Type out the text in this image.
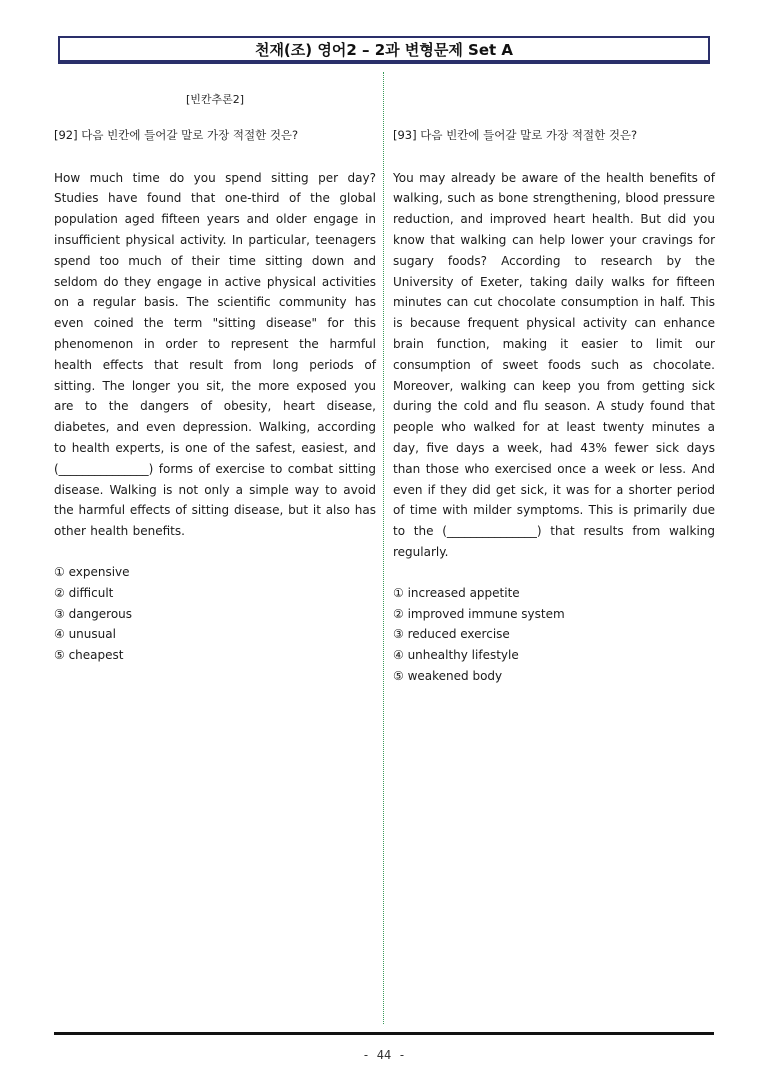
천재(조) 영어2 – 2과 변형문제 Set A
[빈칸추론2]
[92] 다음 빈칸에 들어갈 말로 가장 적절한 것은?
How much time do you spend sitting per day? Studies have found that one-third of the global population aged fifteen years and older engage in insufficient physical activity. In particular, teenagers spend too much of their time sitting down and seldom do they engage in active physical activities on a regular basis. The scientific community has even coined the term "sitting disease" for this phenomenon in order to represent the harmful health effects that result from long periods of sitting. The longer you sit, the more exposed you are to the dangers of obesity, heart disease, diabetes, and even depression. Walking, according to health experts, is one of the safest, easiest, and (_______________) forms of exercise to combat sitting disease. Walking is not only a simple way to avoid the harmful effects of sitting disease, but it also has other health benefits.
① expensive
② difficult
③ dangerous
④ unusual
⑤ cheapest
[93] 다음 빈칸에 들어갈 말로 가장 적절한 것은?
You may already be aware of the health benefits of walking, such as bone strengthening, blood pressure reduction, and improved heart health. But did you know that walking can help lower your cravings for sugary foods? According to research by the University of Exeter, taking daily walks for fifteen minutes can cut chocolate consumption in half. This is because frequent physical activity can enhance brain function, making it easier to limit our consumption of sweet foods such as chocolate. Moreover, walking can keep you from getting sick during the cold and flu season. A study found that people who walked for at least twenty minutes a day, five days a week, had 43% fewer sick days than those who exercised once a week or less. And even if they did get sick, it was for a shorter period of time with milder symptoms. This is primarily due to the (_______________) that results from walking regularly.
① increased appetite
② improved immune system
③ reduced exercise
④ unhealthy lifestyle
⑤ weakened body
- 44 -
